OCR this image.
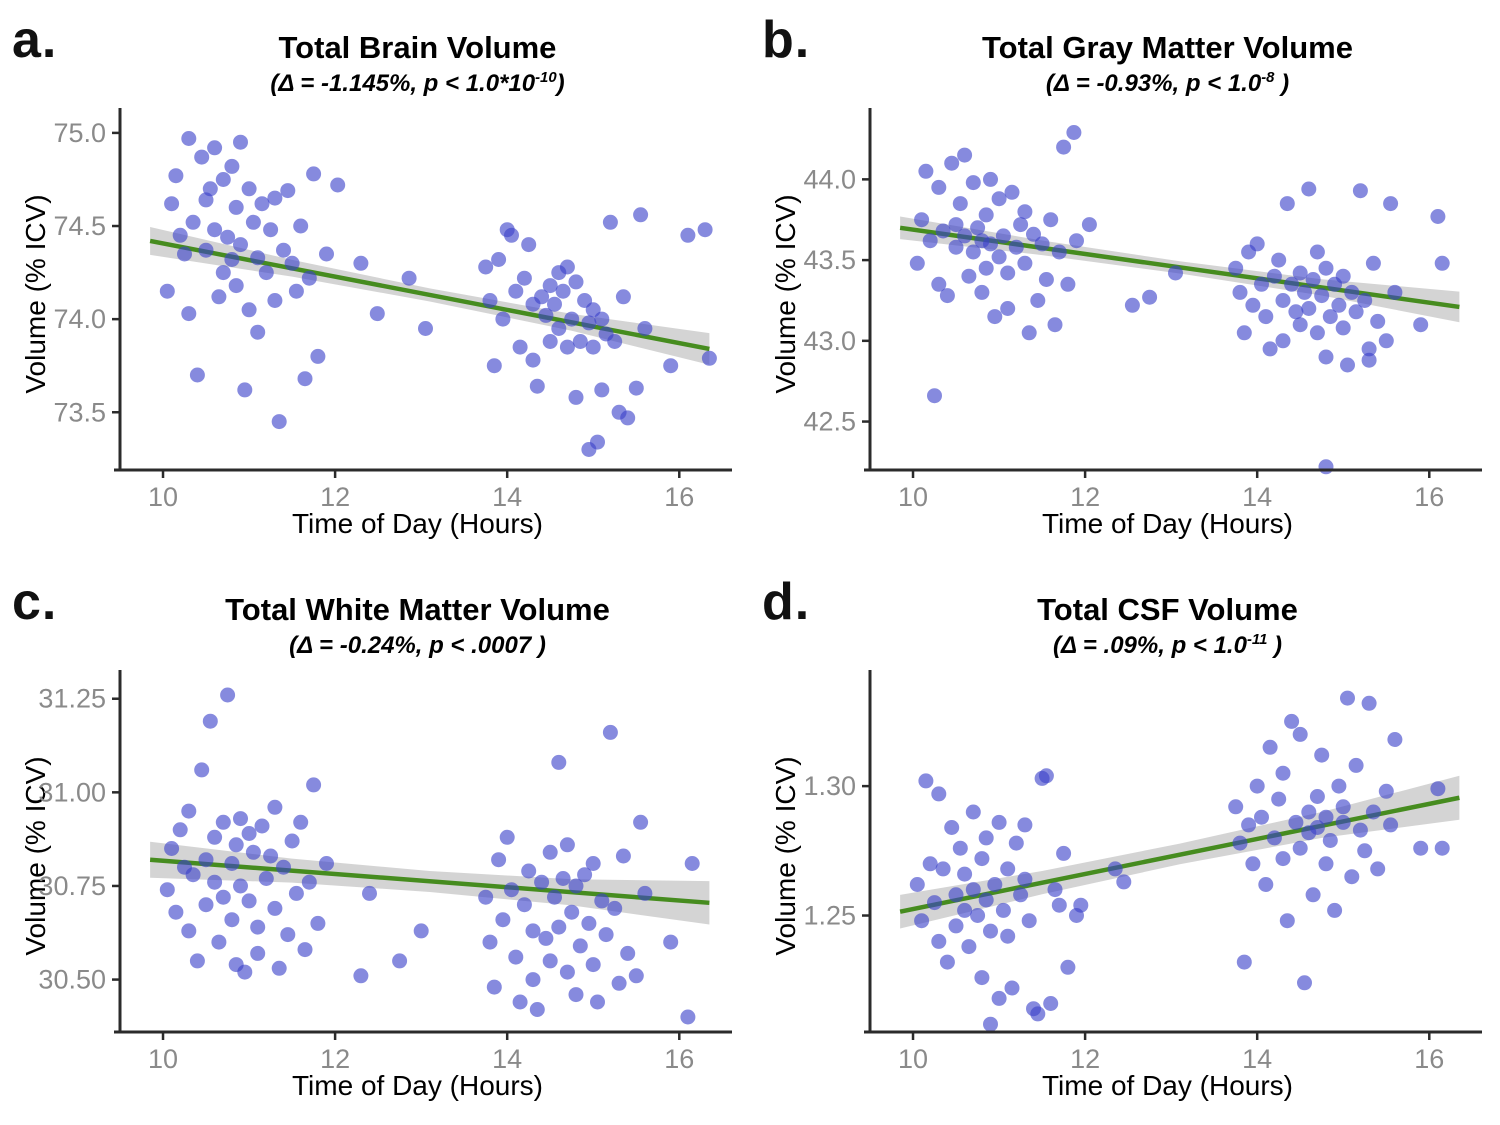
a.	Total Brain Volume
(Δ = -1.145%, $p < 1.0*10^{-10}$)
Volume (% ICV)
10	12	14	16
75.0
74.5
74.0
73.5
Time of Day (Hours)
b.	Total Gray Matter Volume
(Δ = -0.93%, $p < 1.0^{-8}$ )
Volume (% ICV)
10	12	14	16
44.0
43.5
43.0
42.5
Time of Day (Hours)
c.	Total White Matter Volume
(Δ = -0.24%, p < .0007 )
Volume (% ICV)
10	12	14	16
31.25
31.00
30.75
30.50
Time of Day (Hours)
d.	Total CSF Volume
(Δ = .09%, $p < 1.0^{-11}$ )
Volume (% ICV)
10	12	14	16
1.30
1.25
Time of Day (Hours)
